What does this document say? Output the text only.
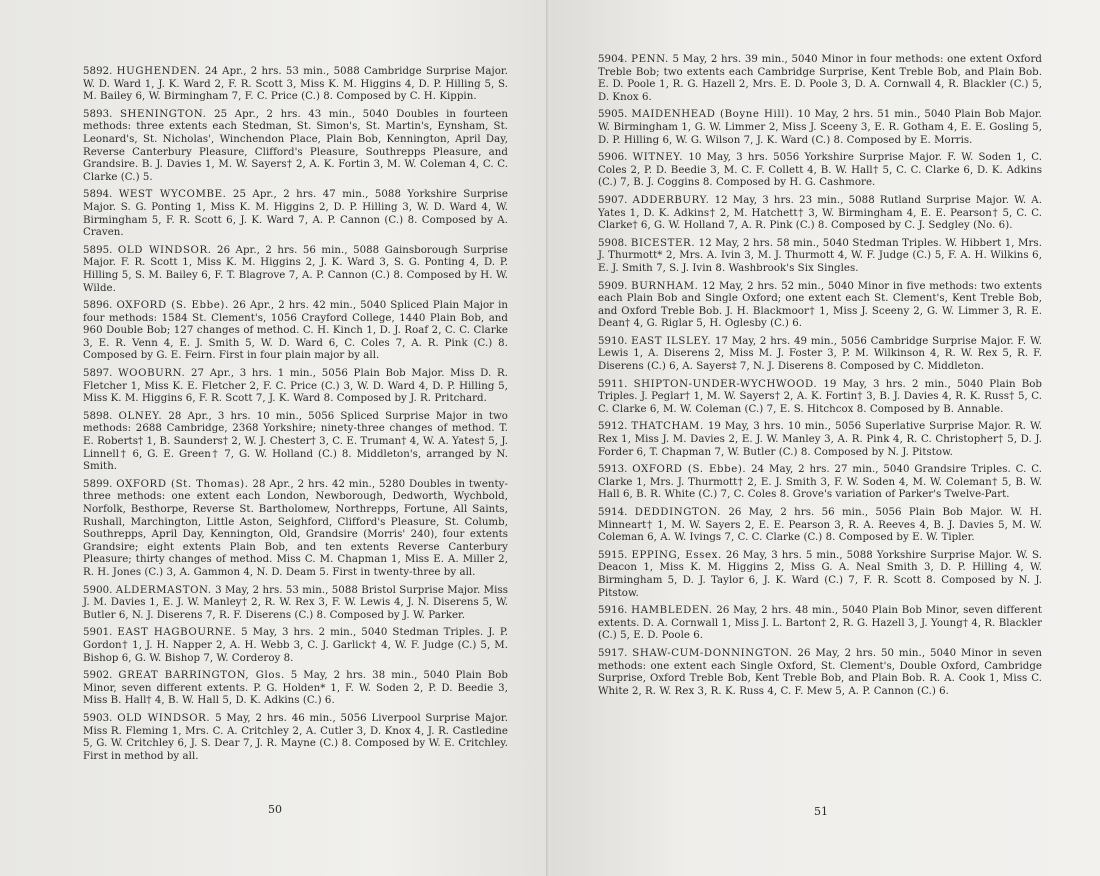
5892. HUGHENDEN. 24 Apr., 2 hrs. 53 min., 5088 Cambridge Surprise Major. W. D. Ward 1, J. K. Ward 2, F. R. Scott 3, Miss K. M. Higgins 4, D. P. Hilling 5, S. M. Bailey 6, W. Birmingham 7, F. C. Price (C.) 8. Composed by C. H. Kippin.

5893. SHENINGTON. 25 Apr., 2 hrs. 43 min., 5040 Doubles in fourteen methods: three extents each Stedman, St. Simon's, St. Martin's, Eynsham, St. Leonard's, St. Nicholas', Winchendon Place, Plain Bob, Kennington, April Day, Reverse Canterbury Pleasure, Clifford's Pleasure, Southrepps Pleasure, and Grandsire. B. J. Davies 1, M. W. Sayers† 2, A. K. Fortin 3, M. W. Coleman 4, C. C. Clarke (C.) 5.

5894. WEST WYCOMBE. 25 Apr., 2 hrs. 47 min., 5088 Yorkshire Surprise Major. S. G. Ponting 1, Miss K. M. Higgins 2, D. P. Hilling 3, W. D. Ward 4, W. Birmingham 5, F. R. Scott 6, J. K. Ward 7, A. P. Cannon (C.) 8. Composed by A. Craven.

5895. OLD WINDSOR. 26 Apr., 2 hrs. 56 min., 5088 Gainsborough Surprise Major. F. R. Scott 1, Miss K. M. Higgins 2, J. K. Ward 3, S. G. Ponting 4, D. P. Hilling 5, S. M. Bailey 6, F. T. Blagrove 7, A. P. Cannon (C.) 8. Composed by H. W. Wilde.

5896. OXFORD (S. Ebbe). 26 Apr., 2 hrs. 42 min., 5040 Spliced Plain Major in four methods: 1584 St. Clement's, 1056 Crayford College, 1440 Plain Bob, and 960 Double Bob; 127 changes of method. C. H. Kinch 1, D. J. Roaf 2, C. C. Clarke 3, E. R. Venn 4, E. J. Smith 5, W. D. Ward 6, C. Coles 7, A. R. Pink (C.) 8. Composed by G. E. Feirn. First in four plain major by all.

5897. WOOBURN. 27 Apr., 3 hrs. 1 min., 5056 Plain Bob Major. Miss D. R. Fletcher 1, Miss K. E. Fletcher 2, F. C. Price (C.) 3, W. D. Ward 4, D. P. Hilling 5, Miss K. M. Higgins 6, F. R. Scott 7, J. K. Ward 8. Composed by J. R. Pritchard.

5898. OLNEY. 28 Apr., 3 hrs. 10 min., 5056 Spliced Surprise Major in two methods: 2688 Cambridge, 2368 Yorkshire; ninety-three changes of method. T. E. Roberts† 1, B. Saunders† 2, W. J. Chester† 3, C. E. Truman† 4, W. A. Yates† 5, J. Linnell† 6, G. E. Green† 7, G. W. Holland (C.) 8. Middleton's, arranged by N. Smith.

5899. OXFORD (St. Thomas). 28 Apr., 2 hrs. 42 min., 5280 Doubles in twenty-three methods: one extent each London, Newborough, Dedworth, Wychbold, Norfolk, Besthorpe, Reverse St. Bartholomew, Northrepps, Fortune, All Saints, Rushall, Marchington, Little Aston, Seighford, Clifford's Pleasure, St. Columb, Southrepps, April Day, Kennington, Old, Grandsire (Morris' 240), four extents Grandsire; eight extents Plain Bob, and ten extents Reverse Canterbury Pleasure; thirty changes of method. Miss C. M. Chapman 1, Miss E. A. Miller 2, R. H. Jones (C.) 3, A. Gammon 4, N. D. Deam 5. First in twenty-three by all.

5900. ALDERMASTON. 3 May, 2 hrs. 53 min., 5088 Bristol Surprise Major. Miss J. M. Davies 1, E. J. W. Manley† 2, R. W. Rex 3, F. W. Lewis 4, J. N. Diserens 5, W. Butler 6, N. J. Diserens 7, R. F. Diserens (C.) 8. Composed by J. W. Parker.

5901. EAST HAGBOURNE. 5 May, 3 hrs. 2 min., 5040 Stedman Triples. J. P. Gordon† 1, J. H. Napper 2, A. H. Webb 3, C. J. Garlick† 4, W. F. Judge (C.) 5, M. Bishop 6, G. W. Bishop 7, W. Corderoy 8.

5902. GREAT BARRINGTON, Glos. 5 May, 2 hrs. 38 min., 5040 Plain Bob Minor, seven different extents. P. G. Holden* 1, F. W. Soden 2, P. D. Beedie 3, Miss B. Hall† 4, B. W. Hall 5, D. K. Adkins (C.) 6.

5903. OLD WINDSOR. 5 May, 2 hrs. 46 min., 5056 Liverpool Surprise Major. Miss R. Fleming 1, Mrs. C. A. Critchley 2, A. Cutler 3, D. Knox 4, J. R. Castledine 5, G. W. Critchley 6, J. S. Dear 7, J. R. Mayne (C.) 8. Composed by W. E. Critchley. First in method by all.

50

5904. PENN. 5 May, 2 hrs. 39 min., 5040 Minor in four methods: one extent Oxford Treble Bob; two extents each Cambridge Surprise, Kent Treble Bob, and Plain Bob. E. D. Poole 1, R. G. Hazell 2, Mrs. E. D. Poole 3, D. A. Cornwall 4, R. Blackler (C.) 5, D. Knox 6.

5905. MAIDENHEAD (Boyne Hill). 10 May, 2 hrs. 51 min., 5040 Plain Bob Major. W. Birmingham 1, G. W. Limmer 2, Miss J. Sceeny 3, E. R. Gotham 4, E. E. Gosling 5, D. P. Hilling 6, W. G. Wilson 7, J. K. Ward (C.) 8. Composed by E. Morris.

5906. WITNEY. 10 May, 3 hrs. 5056 Yorkshire Surprise Major. F. W. Soden 1, C. Coles 2, P. D. Beedie 3, M. C. F. Collett 4, B. W. Hall† 5, C. C. Clarke 6, D. K. Adkins (C.) 7, B. J. Coggins 8. Composed by H. G. Cashmore.

5907. ADDERBURY. 12 May, 3 hrs. 23 min., 5088 Rutland Surprise Major. W. A. Yates 1, D. K. Adkins† 2, M. Hatchett† 3, W. Birmingham 4, E. E. Pearson† 5, C. C. Clarke† 6, G. W. Holland 7, A. R. Pink (C.) 8. Composed by C. J. Sedgley (No. 6).

5908. BICESTER. 12 May, 2 hrs. 58 min., 5040 Stedman Triples. W. Hibbert 1, Mrs. J. Thurmott* 2, Mrs. A. Ivin 3, M. J. Thurmott 4, W. F. Judge (C.) 5, F. A. H. Wilkins 6, E. J. Smith 7, S. J. Ivin 8. Washbrook's Six Singles.

5909. BURNHAM. 12 May, 2 hrs. 52 min., 5040 Minor in five methods: two extents each Plain Bob and Single Oxford; one extent each St. Clement's, Kent Treble Bob, and Oxford Treble Bob. J. H. Blackmoor† 1, Miss J. Sceeny 2, G. W. Limmer 3, R. E. Dean† 4, G. Riglar 5, H. Oglesby (C.) 6.

5910. EAST ILSLEY. 17 May, 2 hrs. 49 min., 5056 Cambridge Surprise Major. F. W. Lewis 1, A. Diserens 2, Miss M. J. Foster 3, P. M. Wilkinson 4, R. W. Rex 5, R. F. Diserens (C.) 6, A. Sayers‡ 7, N. J. Diserens 8. Composed by C. Middleton.

5911. SHIPTON-UNDER-WYCHWOOD. 19 May, 3 hrs. 2 min., 5040 Plain Bob Triples. J. Peglar† 1, M. W. Sayers† 2, A. K. Fortin† 3, B. J. Davies 4, R. K. Russ† 5, C. C. Clarke 6, M. W. Coleman (C.) 7, E. S. Hitchcox 8. Composed by B. Annable.

5912. THATCHAM. 19 May, 3 hrs. 10 min., 5056 Superlative Surprise Major. R. W. Rex 1, Miss J. M. Davies 2, E. J. W. Manley 3, A. R. Pink 4, R. C. Christopher† 5, D. J. Forder 6, T. Chapman 7, W. Butler (C.) 8. Composed by N. J. Pitstow.

5913. OXFORD (S. Ebbe). 24 May, 2 hrs. 27 min., 5040 Grandsire Triples. C. C. Clarke 1, Mrs. J. Thurmott† 2, E. J. Smith 3, F. W. Soden 4, M. W. Coleman† 5, B. W. Hall 6, B. R. White (C.) 7, C. Coles 8. Grove's variation of Parker's Twelve-Part.

5914. DEDDINGTON. 26 May, 2 hrs. 56 min., 5056 Plain Bob Major. W. H. Minneart† 1, M. W. Sayers 2, E. E. Pearson 3, R. A. Reeves 4, B. J. Davies 5, M. W. Coleman 6, A. W. Ivings 7, C. C. Clarke (C.) 8. Composed by E. W. Tipler.

5915. EPPING, Essex. 26 May, 3 hrs. 5 min., 5088 Yorkshire Surprise Major. W. S. Deacon 1, Miss K. M. Higgins 2, Miss G. A. Neal Smith 3, D. P. Hilling 4, W. Birmingham 5, D. J. Taylor 6, J. K. Ward (C.) 7, F. R. Scott 8. Composed by N. J. Pitstow.

5916. HAMBLEDEN. 26 May, 2 hrs. 48 min., 5040 Plain Bob Minor, seven different extents. D. A. Cornwall 1, Miss J. L. Barton† 2, R. G. Hazell 3, J. Young† 4, R. Blackler (C.) 5, E. D. Poole 6.

5917. SHAW-CUM-DONNINGTON. 26 May, 2 hrs. 50 min., 5040 Minor in seven methods: one extent each Single Oxford, St. Clement's, Double Oxford, Cambridge Surprise, Oxford Treble Bob, Kent Treble Bob, and Plain Bob. R. A. Cook 1, Miss C. White 2, R. W. Rex 3, R. K. Russ 4, C. F. Mew 5, A. P. Cannon (C.) 6.

51
